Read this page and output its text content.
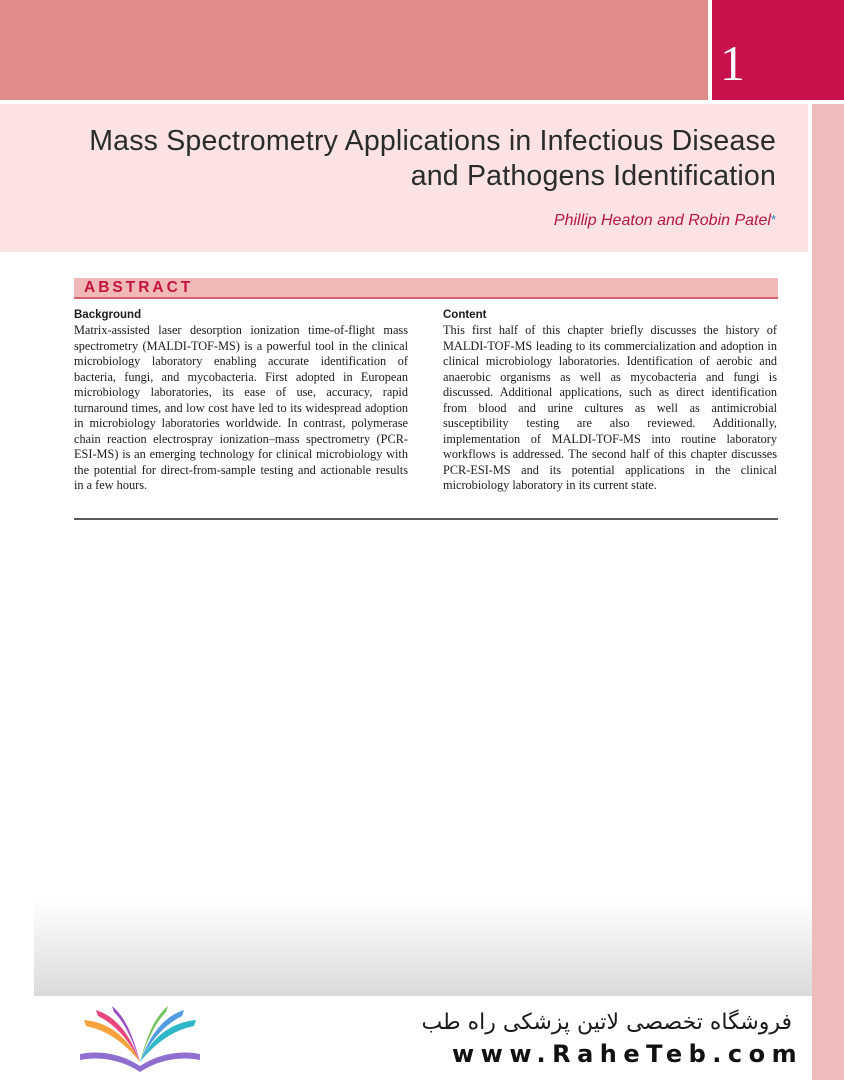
1
Mass Spectrometry Applications in Infectious Disease and Pathogens Identification
Phillip Heaton and Robin Patel*
ABSTRACT
Background

Matrix-assisted laser desorption ionization time-of-flight mass spectrometry (MALDI-TOF-MS) is a powerful tool in the clinical microbiology laboratory enabling accurate identification of bacteria, fungi, and mycobacteria. First adopted in European microbiology laboratories, its ease of use, accuracy, rapid turnaround times, and low cost have led to its widespread adoption in microbiology laboratories worldwide. In contrast, polymerase chain reaction electrospray ionization–mass spectrometry (PCR-ESI-MS) is an emerging technology for clinical microbiology with the potential for direct-from-sample testing and actionable results in a few hours.

Content

This first half of this chapter briefly discusses the history of MALDI-TOF-MS leading to its commercialization and adoption in clinical microbiology laboratories. Identification of aerobic and anaerobic organisms as well as mycobacteria and fungi is discussed. Additional applications, such as direct identification from blood and urine cultures as well as antimicrobial susceptibility testing are also reviewed. Additionally, implementation of MALDI-TOF-MS into routine laboratory workflows is addressed. The second half of this chapter discusses PCR-ESI-MS and its potential applications in the clinical microbiology laboratory in its current state.

فروشگاه تخصصی لاتین پزشکی راه طب
www.RaheTeb.com
